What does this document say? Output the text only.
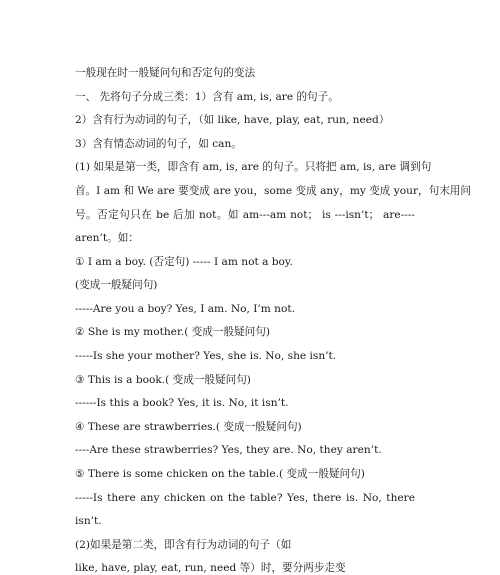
一般现在时一般疑问句和否定句的变法
一、 先将句子分成三类：1）含有 am, is, are 的句子。
2）含有行为动词的句子，（如 like, have, play, eat, run, need）
3）含有情态动词的句子，如 can。
(1) 如果是第一类，即含有 am, is, are 的句子。只将把 am, is, are 调到句
首。I am 和 We are 要变成 are you，some 变成 any，my 变成 your，句末用问
号。否定句只在 be 后加 not。如 am---am not； is ---isn’t； are----
aren’t。如：
① I am a boy. (否定句) ----- I am not a boy.
(变成一般疑问句)
-----Are you a boy? Yes, I am. No, I’m not.
② She is my mother.( 变成一般疑问句)
-----Is she your mother? Yes, she is. No, she isn’t.
③ This is a book.( 变成一般疑问句)
------Is this a book? Yes, it is. No, it isn’t.
④ These are strawberries.( 变成一般疑问句)
----Are these strawberries? Yes, they are. No, they aren’t.
⑤ There is some chicken on the table.( 变成一般疑问句)
-----Is there any chicken on the table? Yes, there is. No, there
isn’t.
(2)如果是第二类，即含有行为动词的句子（如
like, have, play, eat, run, need 等）时，要分两步走变
